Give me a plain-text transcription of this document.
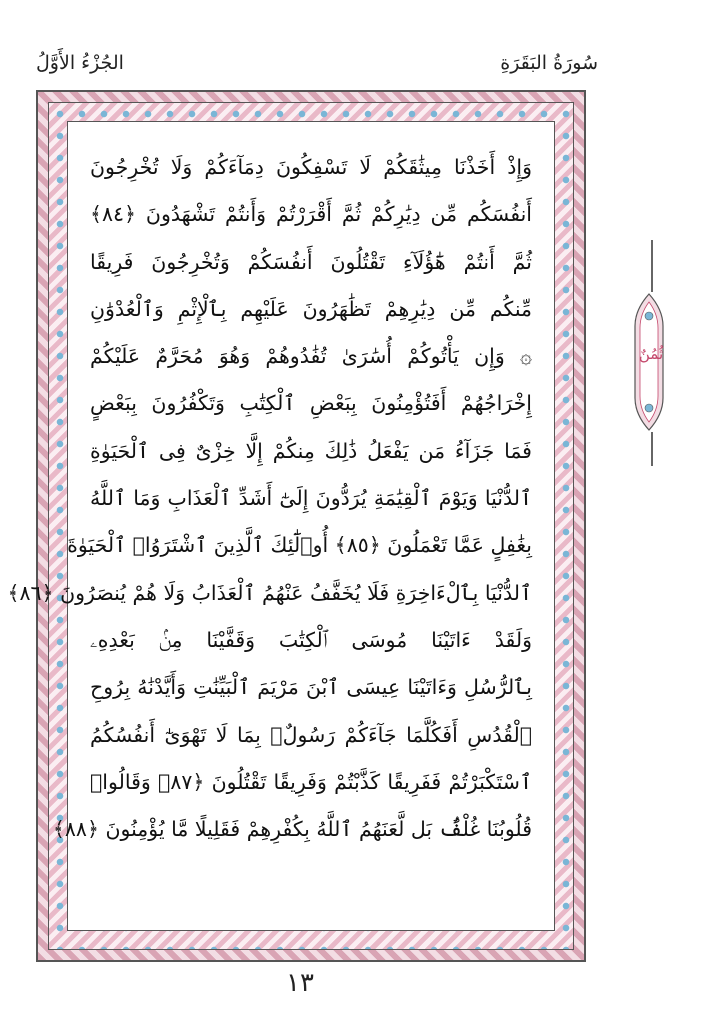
سُورَةُ البَقَرَةِ
الجُزْءُ الأَوَّلُ
وَإِذْ أَخَذْنَا مِيثَٰقَكُمْ لَا تَسْفِكُونَ دِمَآءَكُمْ وَلَا تُخْرِجُونَ
أَنفُسَكُم مِّن دِيَٰرِكُمْ ثُمَّ أَقْرَرْتُمْ وَأَنتُمْ تَشْهَدُونَ ﴿٨٤﴾
ثُمَّ أَنتُمْ هَٰٓؤُلَآءِ تَقْتُلُونَ أَنفُسَكُمْ وَتُخْرِجُونَ فَرِيقًا
مِّنكُم مِّن دِيَٰرِهِمْ تَظَٰهَرُونَ عَلَيْهِم بِٱلْإِثْمِ وَٱلْعُدْوَٰنِ
۞ وَإِن يَأْتُوكُمْ أُسَٰرَىٰ تُفَٰدُوهُمْ وَهُوَ مُحَرَّمٌ عَلَيْكُمْ
إِخْرَاجُهُمْ أَفَتُؤْمِنُونَ بِبَعْضِ ٱلْكِتَٰبِ وَتَكْفُرُونَ بِبَعْضٍ
فَمَا جَزَآءُ مَن يَفْعَلُ ذَٰلِكَ مِنكُمْ إِلَّا خِزْىٌ فِى ٱلْحَيَوٰةِ
ٱلدُّنْيَا وَيَوْمَ ٱلْقِيَٰمَةِ يُرَدُّونَ إِلَىٰٓ أَشَدِّ ٱلْعَذَابِ وَمَا ٱللَّهُ
بِغَٰفِلٍ عَمَّا تَعْمَلُونَ ﴿٨٥﴾ أُو۟لَٰٓئِكَ ٱلَّذِينَ ٱشْتَرَوُا۟ ٱلْحَيَوٰةَ
ٱلدُّنْيَا بِٱلْءَاخِرَةِ فَلَا يُخَفَّفُ عَنْهُمُ ٱلْعَذَابُ وَلَا هُمْ يُنصَرُونَ ﴿٨٦﴾
وَلَقَدْ ءَاتَيْنَا مُوسَى ٱلْكِتَٰبَ وَقَفَّيْنَا مِنۢ بَعْدِهِۦ
بِٱلرُّسُلِ وَءَاتَيْنَا عِيسَى ٱبْنَ مَرْيَمَ ٱلْبَيِّنَٰتِ وَأَيَّدْنَٰهُ بِرُوحِ
ٱلْقُدُسِ أَفَكُلَّمَا جَآءَكُمْ رَسُولٌۢ بِمَا لَا تَهْوَىٰٓ أَنفُسُكُمُ
ٱسْتَكْبَرْتُمْ فَفَرِيقًا كَذَّبْتُمْ وَفَرِيقًا تَقْتُلُونَ ﴿٨٧﴾ وَقَالُوا۟
قُلُوبُنَا غُلْفٌۢ بَل لَّعَنَهُمُ ٱللَّهُ بِكُفْرِهِمْ فَقَلِيلًا مَّا يُؤْمِنُونَ ﴿٨٨﴾
ثُمُنٌ
١٣
